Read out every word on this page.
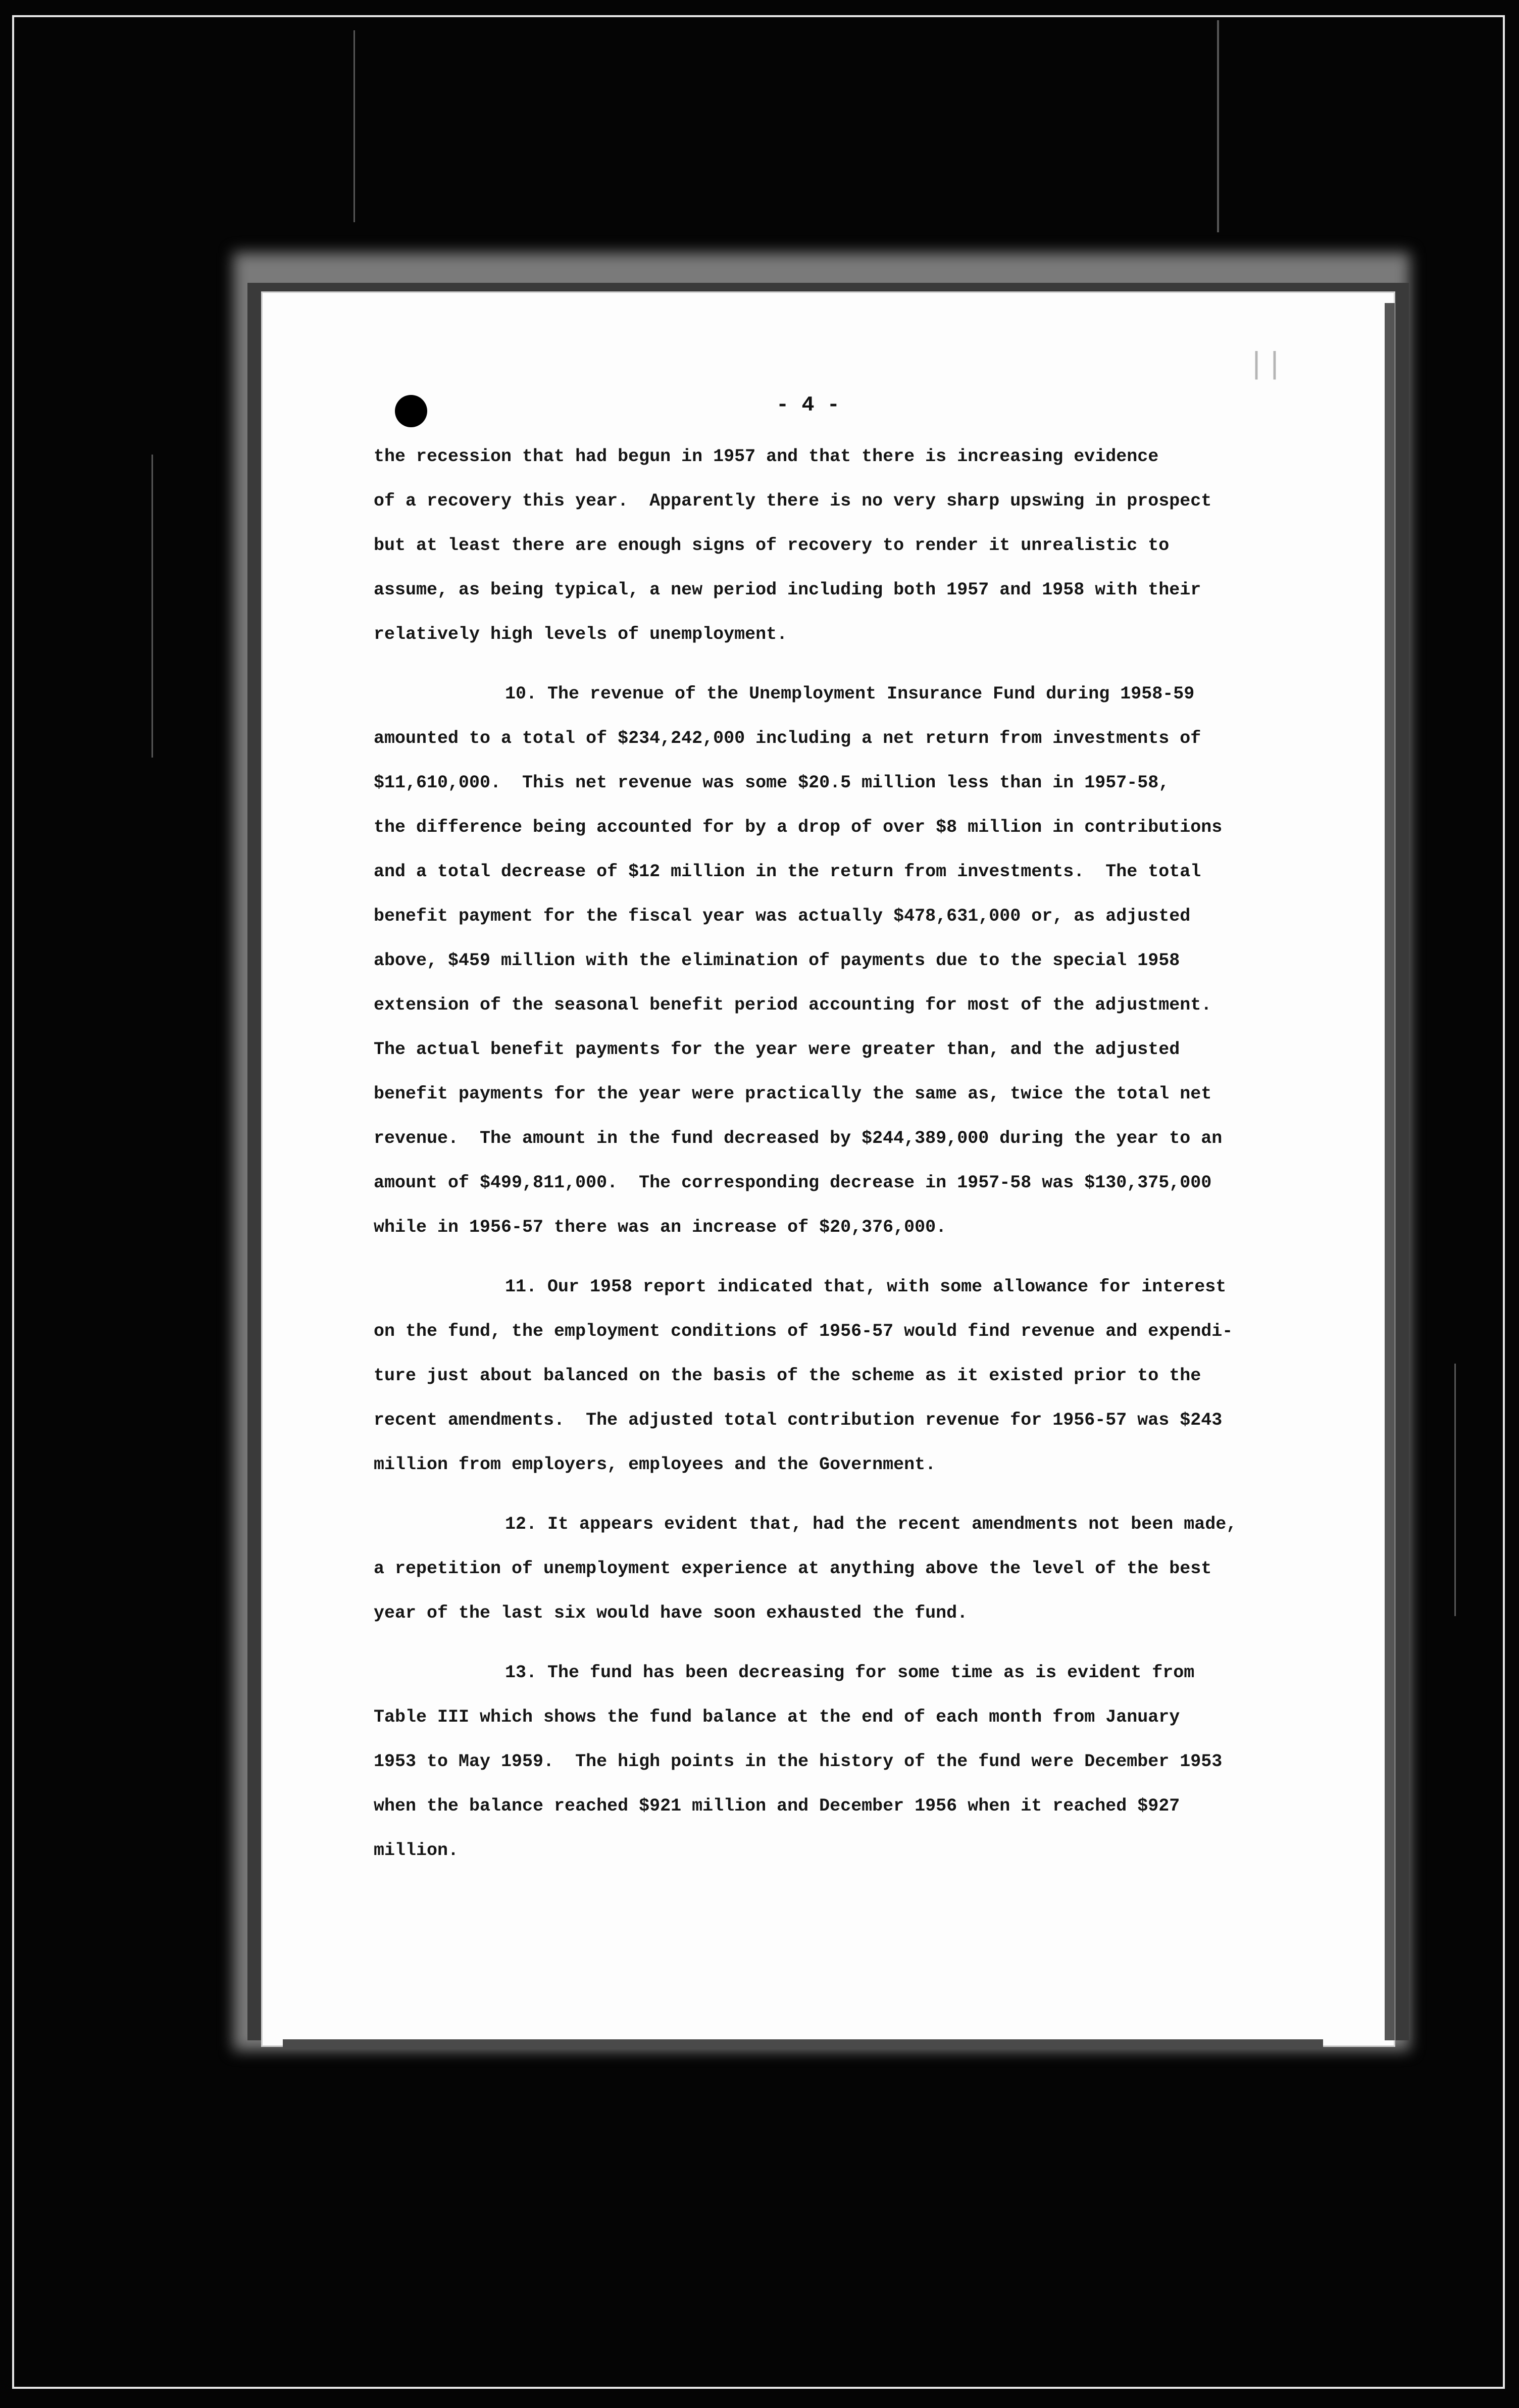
- 4 -
||
the recession that had begun in 1957 and that there is increasing evidence
of a recovery this year.  Apparently there is no very sharp upswing in prospect
but at least there are enough signs of recovery to render it unrealistic to
assume, as being typical, a new period including both 1957 and 1958 with their
relatively high levels of unemployment.
10. The revenue of the Unemployment Insurance Fund during 1958-59
amounted to a total of $234,242,000 including a net return from investments of
$11,610,000.  This net revenue was some $20.5 million less than in 1957-58,
the difference being accounted for by a drop of over $8 million in contributions
and a total decrease of $12 million in the return from investments.  The total
benefit payment for the fiscal year was actually $478,631,000 or, as adjusted
above, $459 million with the elimination of payments due to the special 1958
extension of the seasonal benefit period accounting for most of the adjustment.
The actual benefit payments for the year were greater than, and the adjusted
benefit payments for the year were practically the same as, twice the total net
revenue.  The amount in the fund decreased by $244,389,000 during the year to an
amount of $499,811,000.  The corresponding decrease in 1957-58 was $130,375,000
while in 1956-57 there was an increase of $20,376,000.
11. Our 1958 report indicated that, with some allowance for interest
on the fund, the employment conditions of 1956-57 would find revenue and expendi-
ture just about balanced on the basis of the scheme as it existed prior to the
recent amendments.  The adjusted total contribution revenue for 1956-57 was $243
million from employers, employees and the Government.
12. It appears evident that, had the recent amendments not been made,
a repetition of unemployment experience at anything above the level of the best
year of the last six would have soon exhausted the fund.
13. The fund has been decreasing for some time as is evident from
Table III which shows the fund balance at the end of each month from January
1953 to May 1959.  The high points in the history of the fund were December 1953
when the balance reached $921 million and December 1956 when it reached $927
million.
